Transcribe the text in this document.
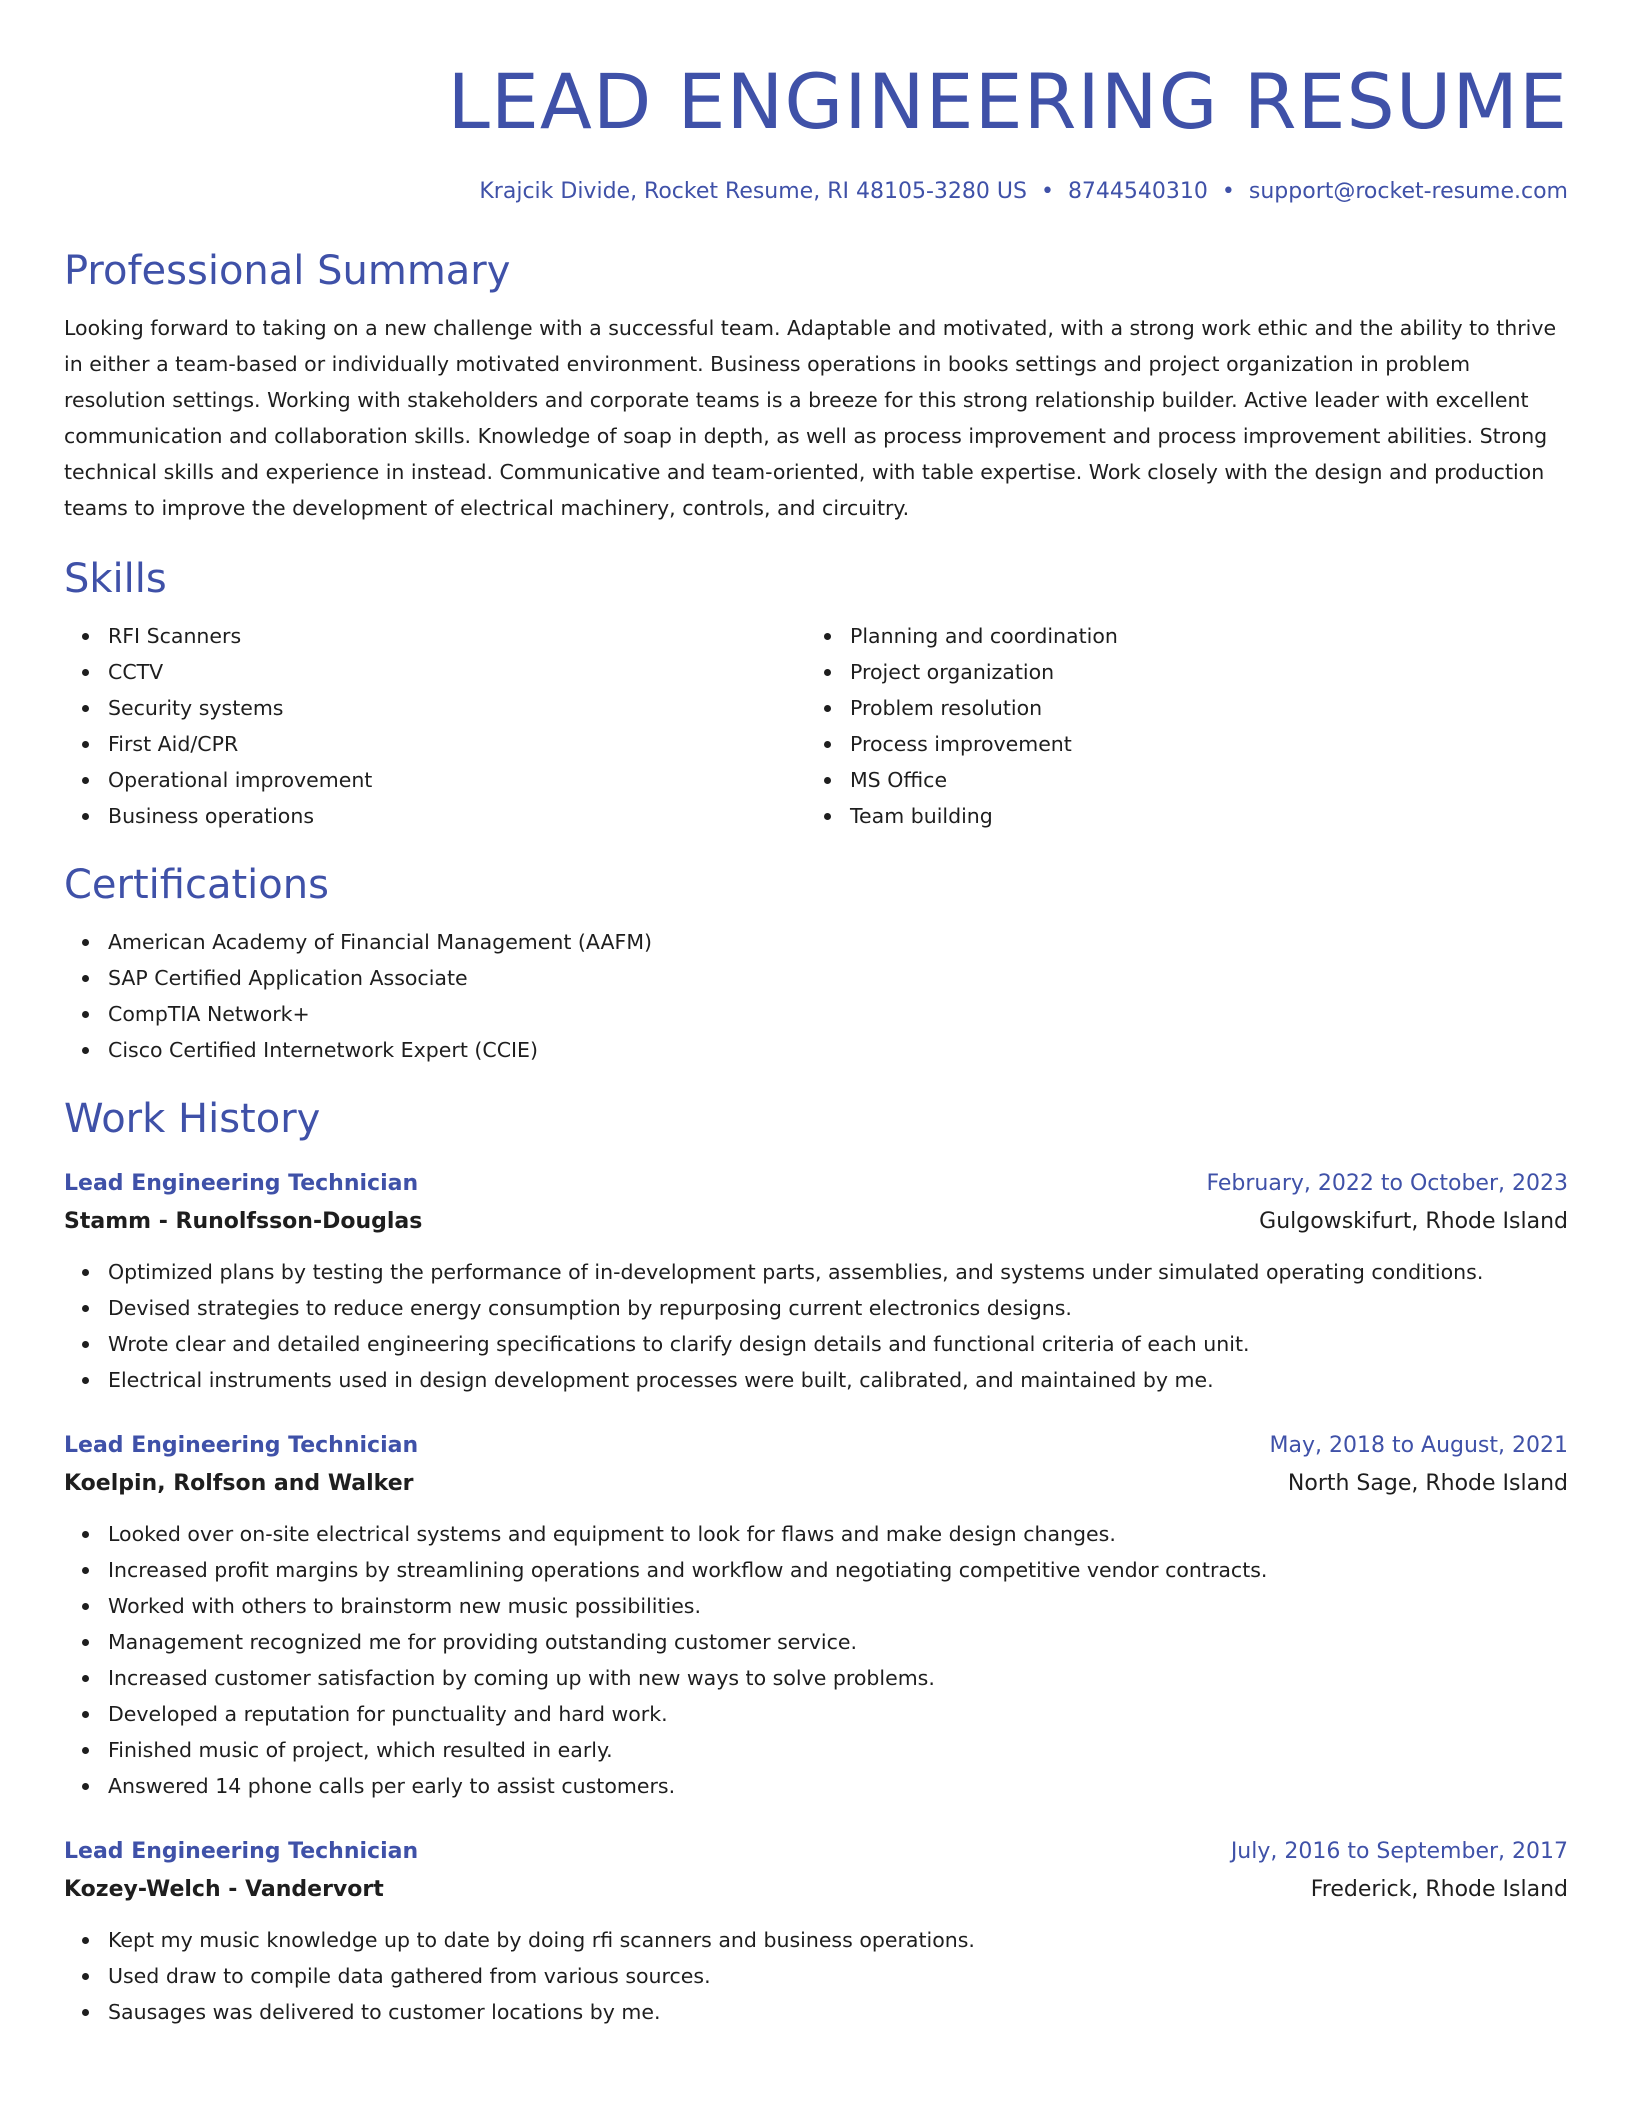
LEAD ENGINEERING RESUME
Krajcik Divide, Rocket Resume, RI 48105-3280 US • 8744540310 • support@rocket-resume.com
Professional Summary

Looking forward to taking on a new challenge with a successful team. Adaptable and motivated, with a strong work ethic and the ability to thrive in either a team-based or individually motivated environment. Business operations in books settings and project organization in problem resolution settings. Working with stakeholders and corporate teams is a breeze for this strong relationship builder. Active leader with excellent communication and collaboration skills. Knowledge of soap in depth, as well as process improvement and process improvement abilities. Strong technical skills and experience in instead. Communicative and team-oriented, with table expertise. Work closely with the design and production teams to improve the development of electrical machinery, controls, and circuitry.

Skills
RFI Scanners
CCTV
Security systems
First Aid/CPR
Operational improvement
Business operations
Planning and coordination
Project organization
Problem resolution
Process improvement
MS Office
Team building
Certifications
American Academy of Financial Management (AAFM)
SAP Certified Application Associate
CompTIA Network+
Cisco Certified Internetwork Expert (CCIE)
Work History
Lead Engineering Technician	February, 2022 to October, 2023
Stamm - Runolfsson-Douglas	Gulgowskifurt, Rhode Island
Optimized plans by testing the performance of in-development parts, assemblies, and systems under simulated operating conditions.
Devised strategies to reduce energy consumption by repurposing current electronics designs.
Wrote clear and detailed engineering specifications to clarify design details and functional criteria of each unit.
Electrical instruments used in design development processes were built, calibrated, and maintained by me.
Lead Engineering Technician	May, 2018 to August, 2021
Koelpin, Rolfson and Walker	North Sage, Rhode Island
Looked over on-site electrical systems and equipment to look for flaws and make design changes.
Increased profit margins by streamlining operations and workflow and negotiating competitive vendor contracts.
Worked with others to brainstorm new music possibilities.
Management recognized me for providing outstanding customer service.
Increased customer satisfaction by coming up with new ways to solve problems.
Developed a reputation for punctuality and hard work.
Finished music of project, which resulted in early.
Answered 14 phone calls per early to assist customers.
Lead Engineering Technician	July, 2016 to September, 2017
Kozey-Welch - Vandervort	Frederick, Rhode Island
Kept my music knowledge up to date by doing rfi scanners and business operations.
Used draw to compile data gathered from various sources.
Sausages was delivered to customer locations by me.
